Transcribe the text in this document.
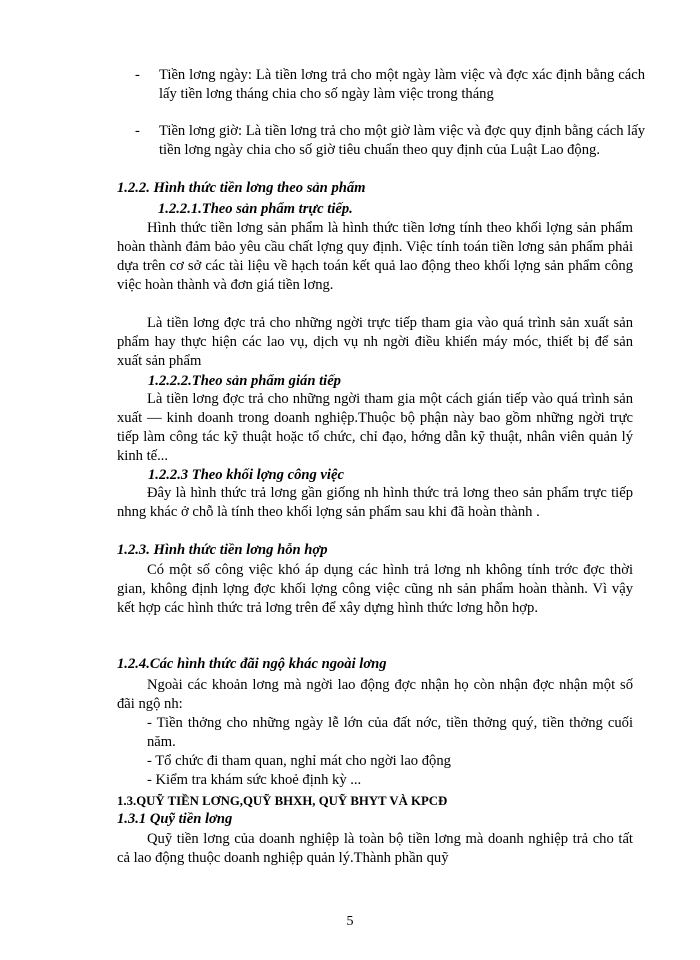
- Tiền lơng ngày: Là tiền lơng trả cho một ngày làm việc và đợc xác định bằng cách lấy tiền lơng tháng chia cho số ngày làm việc trong tháng
- Tiền lơng giờ: Là tiền lơng trả cho một giờ làm việc và đợc quy định bằng cách lấy tiền lơng ngày chia cho số giờ tiêu chuẩn theo quy định của Luật Lao động.
1.2.2. Hình thức tiền lơng theo sản phẩm
1.2.2.1.Theo sản phẩm trực tiếp.
Hình thức tiền lơng sản phẩm là hình thức tiền lơng tính theo khối lợng sản phẩm hoàn thành đảm bảo yêu cầu chất lợng quy định. Việc tính toán tiền lơng sản phẩm phải dựa trên cơ sở các tài liệu về hạch toán kết quả lao động theo khối lợng sản phẩm công việc hoàn thành và đơn giá tiền lơng.
Là tiền lơng đợc trả cho những ngời trực tiếp tham gia vào quá trình sản xuất sản phẩm hay thực hiện các lao vụ, dịch vụ nh ngời điều khiển máy móc, thiết bị để sản xuất sản phẩm
1.2.2.2.Theo sản phẩm gián tiếp
Là tiền lơng đợc trả cho những ngời tham gia một cách gián tiếp vào quá trình sản xuất — kinh doanh trong doanh nghiệp.Thuộc bộ phận này bao gồm những ngời trực tiếp làm công tác kỹ thuật hoặc tổ chức, chỉ đạo, hớng dẫn kỹ thuật, nhân viên quản lý kinh tế...
1.2.2.3 Theo khối lợng công việc
Đây là hình thức trả lơng gần giống nh hình thức trả lơng theo sản phẩm trực tiếp nhng khác ở chỗ là tính theo khối lợng sản phẩm sau khi đã hoàn thành .
1.2.3. Hình thức tiền lơng hỗn hợp
Có một số công việc khó áp dụng các hình trả lơng nh không tính trớc đợc thời gian, không định lợng đợc khối lợng công việc cũng nh sản phẩm hoàn thành. Vì vậy kết hợp các hình thức trả lơng trên để xây dựng hình thức lơng hỗn hợp.
1.2.4.Các hình thức đãi ngộ khác ngoài lơng
Ngoài các khoản lơng mà ngời lao động đợc nhận họ còn nhận đợc nhận một số đãi ngộ nh:
- Tiền thởng cho những ngày lễ lớn của đất nớc, tiền thởng quý, tiền thởng cuối năm.
- Tổ chức đi tham quan, nghỉ mát cho ngời lao động
- Kiểm tra khám sức khoẻ định kỳ ...
1.3.QUỸ TIỀN LƠNG,QUỸ BHXH, QUỸ BHYT VÀ KPCĐ
1.3.1 Quỹ tiền lơng
Quỹ tiền lơng của doanh nghiệp là toàn bộ tiền lơng mà doanh nghiệp trả cho tất cả lao động thuộc doanh nghiệp quản lý.Thành phần quỹ
5
